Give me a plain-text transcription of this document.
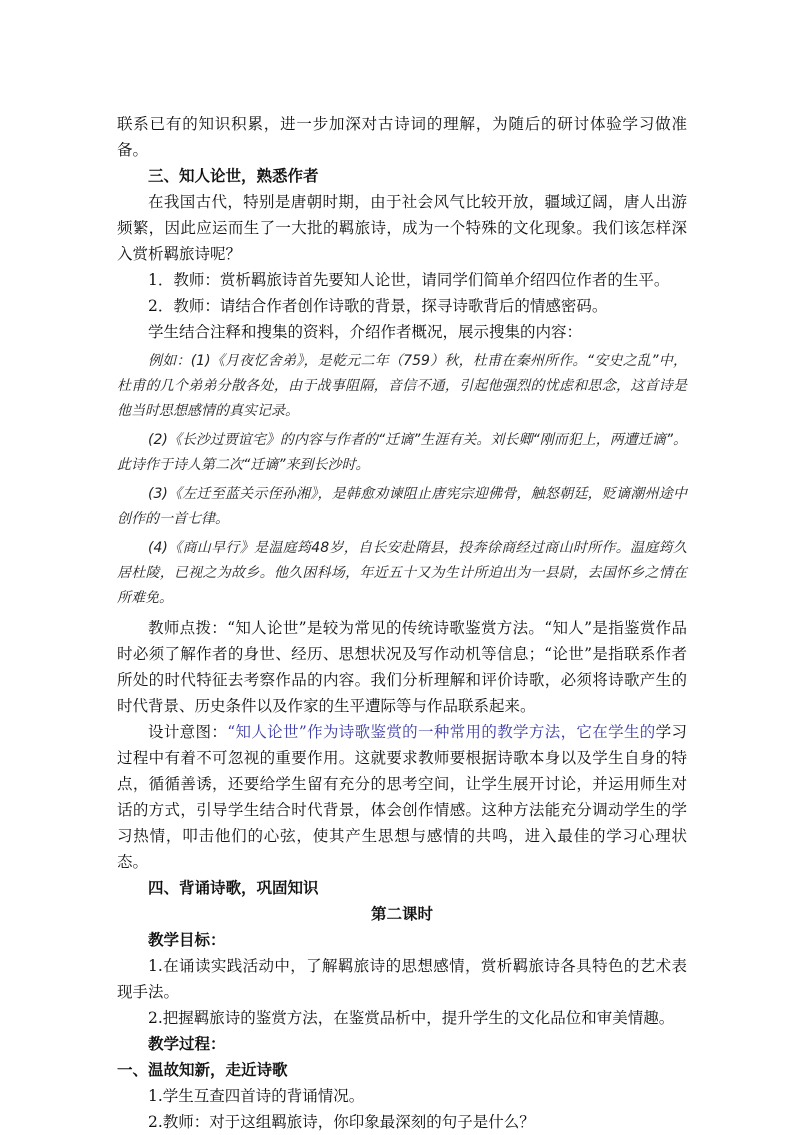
联系已有的知识积累，进一步加深对古诗词的理解，为随后的研讨体验学习做准备。

三、知人论世，熟悉作者

在我国古代，特别是唐朝时期，由于社会风气比较开放，疆域辽阔，唐人出游频繁，因此应运而生了一大批的羁旅诗，成为一个特殊的文化现象。我们该怎样深入赏析羁旅诗呢？

1．教师：赏析羁旅诗首先要知人论世，请同学们简单介绍四位作者的生平。

2．教师：请结合作者创作诗歌的背景，探寻诗歌背后的情感密码。

学生结合注释和搜集的资料，介绍作者概况，展示搜集的内容：

例如：(1)《月夜忆舍弟》，是乾元二年（759）秋，杜甫在秦州所作。“安史之乱”中，杜甫的几个弟弟分散各处，由于战事阻隔，音信不通，引起他强烈的忧虑和思念，这首诗是他当时思想感情的真实记录。

(2)《长沙过贾谊宅》的内容与作者的“迁谪”生涯有关。刘长卿“刚而犯上，两遭迁谪”。此诗作于诗人第二次“迁谪”来到长沙时。

(3)《左迁至蓝关示侄孙湘》，是韩愈劝谏阻止唐宪宗迎佛骨，触怒朝廷，贬谪潮州途中创作的一首七律。

(4)《商山早行》是温庭筠48岁，自长安赴隋县，投奔徐商经过商山时所作。温庭筠久居杜陵，已视之为故乡。他久困科场，年近五十又为生计所迫出为一县尉，去国怀乡之情在所难免。

教师点拨：“知人论世”是较为常见的传统诗歌鉴赏方法。“知人”是指鉴赏作品时必须了解作者的身世、经历、思想状况及写作动机等信息；“论世”是指联系作者所处的时代特征去考察作品的内容。我们分析理解和评价诗歌，必须将诗歌产生的时代背景、历史条件以及作家的生平遭际等与作品联系起来。

设计意图：“知人论世”作为诗歌鉴赏的一种常用的教学方法，它在学生的学习过程中有着不可忽视的重要作用。这就要求教师要根据诗歌本身以及学生自身的特点，循循善诱，还要给学生留有充分的思考空间，让学生展开讨论，并运用师生对话的方式，引导学生结合时代背景，体会创作情感。这种方法能充分调动学生的学习热情，叩击他们的心弦，使其产生思想与感情的共鸣，进入最佳的学习心理状态。

四、背诵诗歌，巩固知识

第二课时

教学目标：

1.在诵读实践活动中，了解羁旅诗的思想感情，赏析羁旅诗各具特色的艺术表现手法。

2.把握羁旅诗的鉴赏方法，在鉴赏品析中，提升学生的文化品位和审美情趣。

教学过程：

一、温故知新，走近诗歌

1.学生互查四首诗的背诵情况。

2.教师：对于这组羁旅诗，你印象最深刻的句子是什么？
